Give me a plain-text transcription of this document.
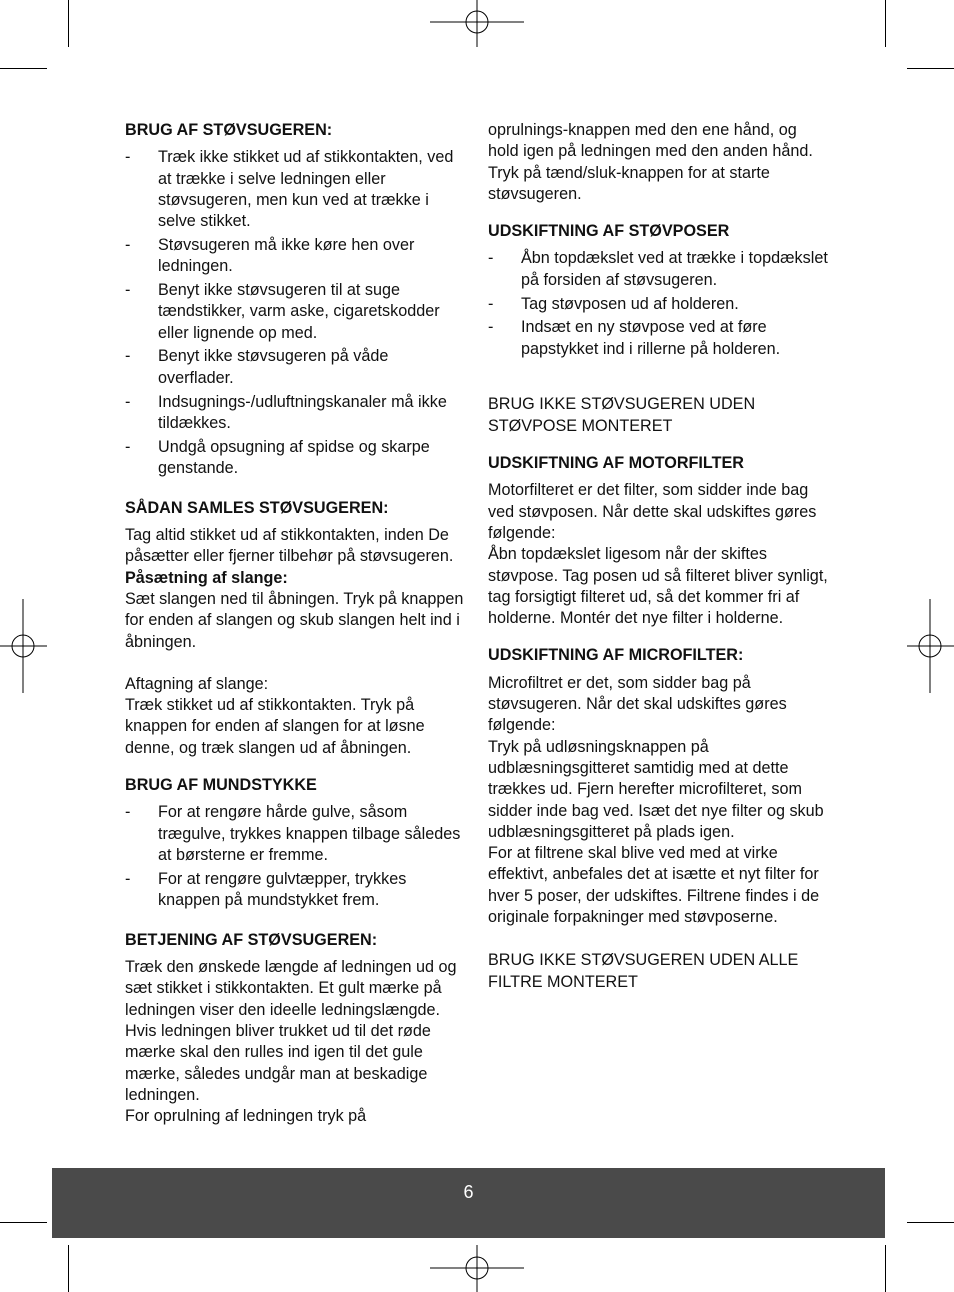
BRUG AF STØVSUGEREN:

- Træk ikke stikket ud af stikkontakten, ved at trække i selve ledningen eller støvsugeren, men kun ved at trække i selve stikket.
- Støvsugeren må ikke køre hen over ledningen.
- Benyt ikke støvsugeren til at suge tændstikker, varm aske, cigaretskodder eller lignende op med.
- Benyt ikke støvsugeren på våde overflader.
- Indsugnings-/udluftningskanaler må ikke tildækkes.
- Undgå opsugning af spidse og skarpe genstande.

SÅDAN SAMLES STØVSUGEREN:

Tag altid stikket ud af stikkontakten, inden De påsætter eller fjerner tilbehør på støvsugeren.

Påsætning af slange:

Sæt slangen ned til åbningen. Tryk på knappen for enden af slangen og skub slangen helt ind i åbningen.

Aftagning af slange:

Træk stikket ud af stikkontakten. Tryk på knappen for enden af slangen for at løsne denne, og træk slangen ud af åbningen.

BRUG AF MUNDSTYKKE

- For at rengøre hårde gulve, såsom trægulve, trykkes knappen tilbage således at børsterne er fremme.
- For at rengøre gulvtæpper, trykkes knappen på mundstykket frem.

BETJENING AF STØVSUGEREN:

Træk den ønskede længde af ledningen ud og sæt stikket i stikkontakten. Et gult mærke på ledningen viser den ideelle ledningslængde. Hvis ledningen bliver trukket ud til det røde mærke skal den rulles ind igen til det gule mærke, således undgår man at beskadige ledningen.

For oprulning af ledningen tryk på

oprulnings-knappen med den ene hånd, og hold igen på ledningen med den anden hånd.

Tryk på tænd/sluk-knappen for at starte støvsugeren.

UDSKIFTNING AF STØVPOSER

- Åbn topdækslet ved at trække i topdækslet på forsiden af støvsugeren.
- Tag støvposen ud af holderen.
- Indsæt en ny støvpose ved at føre papstykket ind i rillerne på holderen.

BRUG IKKE STØVSUGEREN UDEN STØVPOSE MONTERET

UDSKIFTNING AF MOTORFILTER

Motorfilteret er det filter, som sidder inde bag ved støvposen. Når dette skal udskiftes gøres følgende:

Åbn topdækslet ligesom når der skiftes støvpose. Tag posen ud så filteret bliver synligt, tag forsigtigt filteret ud, så det kommer fri af holderne. Montér det nye filter i holderne.

UDSKIFTNING AF MICROFILTER:

Microfiltret er det, som sidder bag på støvsugeren. Når det skal udskiftes gøres følgende:

Tryk på udløsningsknappen på udblæsningsgitteret samtidig med at dette trækkes ud. Fjern herefter microfilteret, som sidder inde bag ved. Isæt det nye filter og skub udblæsningsgitteret på plads igen.

For at filtrene skal blive ved med at virke effektivt, anbefales det at isætte et nyt filter for hver 5 poser, der udskiftes. Filtrene findes i de originale forpakninger med støvposerne.

BRUG IKKE STØVSUGEREN UDEN ALLE FILTRE MONTERET

6
